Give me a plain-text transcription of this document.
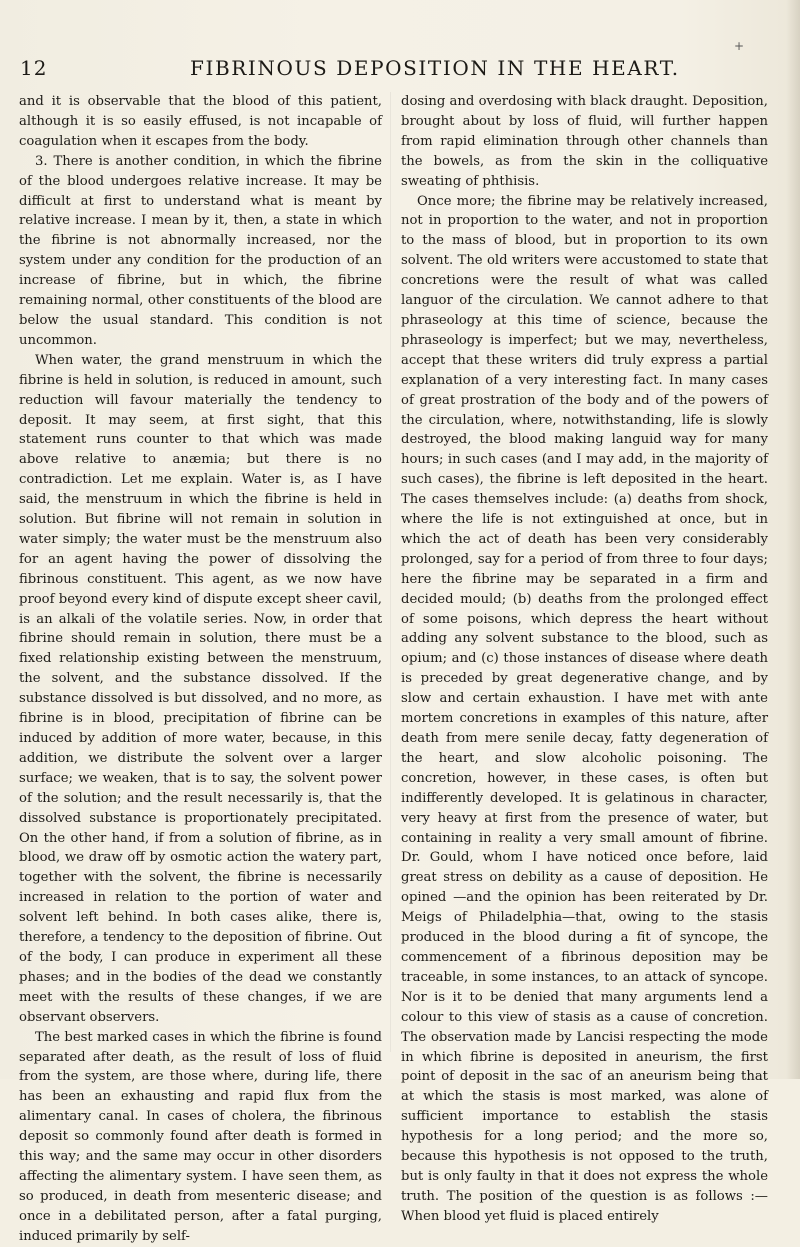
12	FIBRINOUS DEPOSITION IN THE HEART.
+

and it is observable that the blood of this patient, although it is so easily effused, is not incapable of coagulation when it escapes from the body.

3. There is another condition, in which the fibrine of the blood undergoes relative increase. It may be difficult at first to understand what is meant by relative increase. I mean by it, then, a state in which the fibrine is not abnormally increased, nor the system under any condition for the production of an increase of fibrine, but in which, the fibrine remaining normal, other constituents of the blood are below the usual standard. This condition is not uncommon.

When water, the grand menstruum in which the fibrine is held in solution, is reduced in amount, such reduction will favour materially the tendency to deposit. It may seem, at first sight, that this statement runs counter to that which was made above relative to anæmia; but there is no contradiction. Let me explain. Water is, as I have said, the menstruum in which the fibrine is held in solution. But fibrine will not remain in solution in water simply; the water must be the menstruum also for an agent having the power of dissolving the fibrinous constituent. This agent, as we now have proof beyond every kind of dispute except sheer cavil, is an alkali of the volatile series. Now, in order that fibrine should remain in solution, there must be a fixed relationship existing between the menstruum, the solvent, and the substance dissolved. If the substance dissolved is but dissolved, and no more, as fibrine is in blood, precipitation of fibrine can be induced by addition of more water, because, in this addition, we distribute the solvent over a larger surface; we weaken, that is to say, the solvent power of the solution; and the result necessarily is, that the dissolved substance is proportionately precipitated. On the other hand, if from a solution of fibrine, as in blood, we draw off by osmotic action the watery part, together with the solvent, the fibrine is necessarily increased in relation to the portion of water and solvent left behind. In both cases alike, there is, therefore, a tendency to the deposition of fibrine. Out of the body, I can produce in experiment all these phases; and in the bodies of the dead we constantly meet with the results of these changes, if we are observant observers.

The best marked cases in which the fibrine is found separated after death, as the result of loss of fluid from the system, are those where, during life, there has been an exhausting and rapid flux from the alimentary canal. In cases of cholera, the fibrinous deposit so commonly found after death is formed in this way; and the same may occur in other disorders affecting the alimentary system. I have seen them, as so produced, in death from mesenteric disease; and once in a debilitated person, after a fatal purging, induced primarily by self-

dosing and overdosing with black draught. Deposition, brought about by loss of fluid, will further happen from rapid elimination through other channels than the bowels, as from the skin in the colliquative sweating of phthisis.

Once more; the fibrine may be relatively increased, not in proportion to the water, and not in proportion to the mass of blood, but in proportion to its own solvent. The old writers were accustomed to state that concretions were the result of what was called languor of the circulation. We cannot adhere to that phraseology at this time of science, because the phraseology is imperfect; but we may, nevertheless, accept that these writers did truly express a partial explanation of a very interesting fact. In many cases of great prostration of the body and of the powers of the circulation, where, notwithstanding, life is slowly destroyed, the blood making languid way for many hours; in such cases (and I may add, in the majority of such cases), the fibrine is left deposited in the heart. The cases themselves include: (a) deaths from shock, where the life is not extinguished at once, but in which the act of death has been very considerably prolonged, say for a period of from three to four days; here the fibrine may be separated in a firm and decided mould; (b) deaths from the prolonged effect of some poisons, which depress the heart without adding any solvent substance to the blood, such as opium; and (c) those instances of disease where death is preceded by great degenerative change, and by slow and certain exhaustion. I have met with ante mortem concretions in examples of this nature, after death from mere senile decay, fatty degeneration of the heart, and slow alcoholic poisoning. The concretion, however, in these cases, is often but indifferently developed. It is gelatinous in character, very heavy at first from the presence of water, but containing in reality a very small amount of fibrine. Dr. Gould, whom I have noticed once before, laid great stress on debility as a cause of deposition. He opined —and the opinion has been reiterated by Dr. Meigs of Philadelphia—that, owing to the stasis produced in the blood during a fit of syncope, the commencement of a fibrinous deposition may be traceable, in some instances, to an attack of syncope. Nor is it to be denied that many arguments lend a colour to this view of stasis as a cause of concretion. The observation made by Lancisi respecting the mode in which fibrine is deposited in aneurism, the first point of deposit in the sac of an aneurism being that at which the stasis is most marked, was alone of sufficient importance to establish the stasis hypothesis for a long period; and the more so, because this hypothesis is not opposed to the truth, but is only faulty in that it does not express the whole truth. The position of the question is as follows :—When blood yet fluid is placed entirely
